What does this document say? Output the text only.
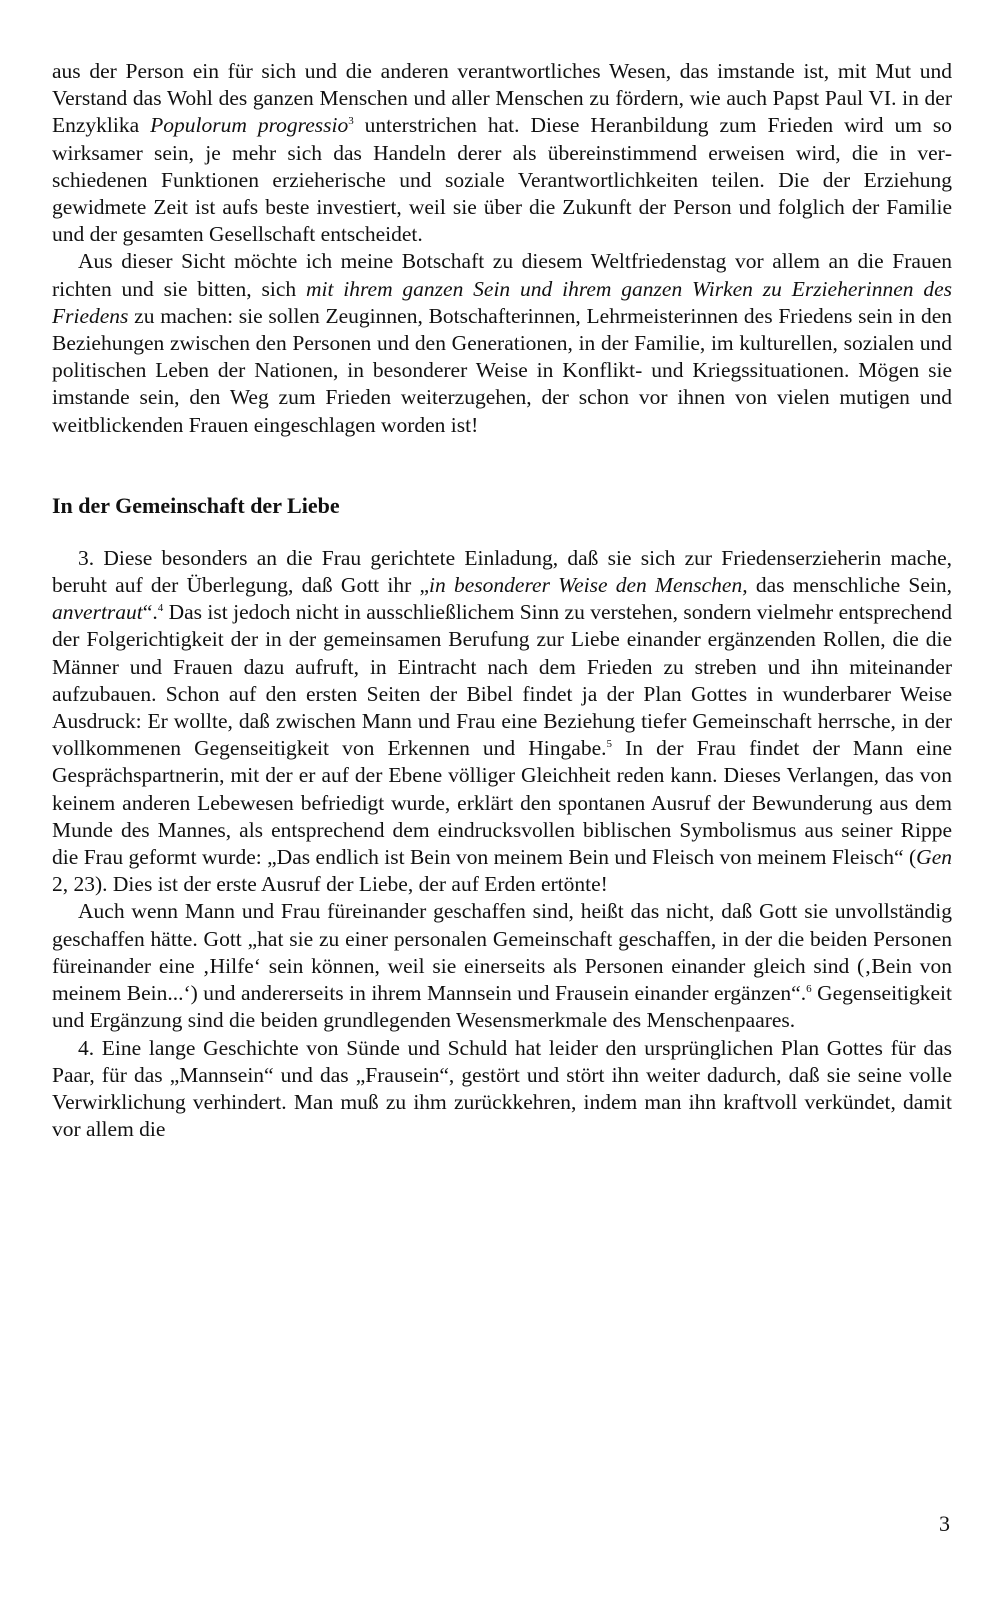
aus der Person ein für sich und die anderen verantwortliches Wesen, das imstande ist, mit Mut und Verstand das Wohl des ganzen Menschen und aller Menschen zu fördern, wie auch Papst Paul VI. in der Enzyklika Populorum progressio$^3$ unterstrichen hat. Diese Heranbildung zum Frieden wird um so wirksamer sein, je mehr sich das Handeln derer als übereinstimmend erweisen wird, die in verschiedenen Funktionen erzieherische und soziale Verantwortlichkeiten teilen. Die der Erziehung gewidmete Zeit ist aufs beste investiert, weil sie über die Zukunft der Person und folglich der Familie und der gesamten Gesellschaft entscheidet.

Aus dieser Sicht möchte ich meine Botschaft zu diesem Weltfriedenstag vor allem an die Frauen richten und sie bitten, sich mit ihrem ganzen Sein und ihrem ganzen Wirken zu Erzieherinnen des Friedens zu machen: sie sollen Zeuginnen, Botschafterinnen, Lehrmeisterinnen des Friedens sein in den Beziehungen zwischen den Personen und den Generationen, in der Familie, im kulturellen, sozialen und politischen Leben der Nationen, in besonderer Weise in Konflikt- und Kriegssituationen. Mögen sie imstande sein, den Weg zum Frieden weiterzugehen, der schon vor ihnen von vielen mutigen und weitblickenden Frauen eingeschlagen worden ist!

In der Gemeinschaft der Liebe

3. Diese besonders an die Frau gerichtete Einladung, daß sie sich zur Friedenserzieherin mache, beruht auf der Überlegung, daß Gott ihr „in besonderer Weise den Menschen, das menschliche Sein, anvertraut“.$^4$ Das ist jedoch nicht in ausschließlichem Sinn zu verstehen, sondern vielmehr entsprechend der Folgerichtigkeit der in der gemeinsamen Berufung zur Liebe einander ergänzenden Rollen, die die Männer und Frauen dazu aufruft, in Eintracht nach dem Frieden zu streben und ihn miteinander aufzubauen. Schon auf den ersten Seiten der Bibel findet ja der Plan Gottes in wunderbarer Weise Ausdruck: Er wollte, daß zwischen Mann und Frau eine Beziehung tiefer Gemeinschaft herrsche, in der vollkommenen Gegenseitigkeit von Erkennen und Hingabe.$^5$ In der Frau findet der Mann eine Gesprächspartnerin, mit der er auf der Ebene völliger Gleichheit reden kann. Dieses Verlangen, das von keinem anderen Lebewesen befriedigt wurde, erklärt den spontanen Ausruf der Bewunderung aus dem Munde des Mannes, als entsprechend dem eindrucksvollen biblischen Symbolismus aus seiner Rippe die Frau geformt wurde: „Das endlich ist Bein von meinem Bein und Fleisch von meinem Fleisch“ (Gen 2, 23). Dies ist der erste Ausruf der Liebe, der auf Erden ertönte!

Auch wenn Mann und Frau füreinander geschaffen sind, heißt das nicht, daß Gott sie unvollständig geschaffen hätte. Gott „hat sie zu einer personalen Gemeinschaft geschaffen, in der die beiden Personen füreinander eine ‚Hilfe‘ sein können, weil sie einerseits als Personen einander gleich sind (‚Bein von meinem Bein...‘) und andererseits in ihrem Mannsein und Frausein einander ergänzen“.$^6$ Gegenseitigkeit und Ergänzung sind die beiden grundlegenden Wesensmerkmale des Menschenpaares.

4. Eine lange Geschichte von Sünde und Schuld hat leider den ursprünglichen Plan Gottes für das Paar, für das „Mannsein“ und das „Frausein“, gestört und stört ihn weiter dadurch, daß sie seine volle Verwirklichung verhindert. Man muß zu ihm zurückkehren, indem man ihn kraftvoll verkündet, damit vor allem die

3
